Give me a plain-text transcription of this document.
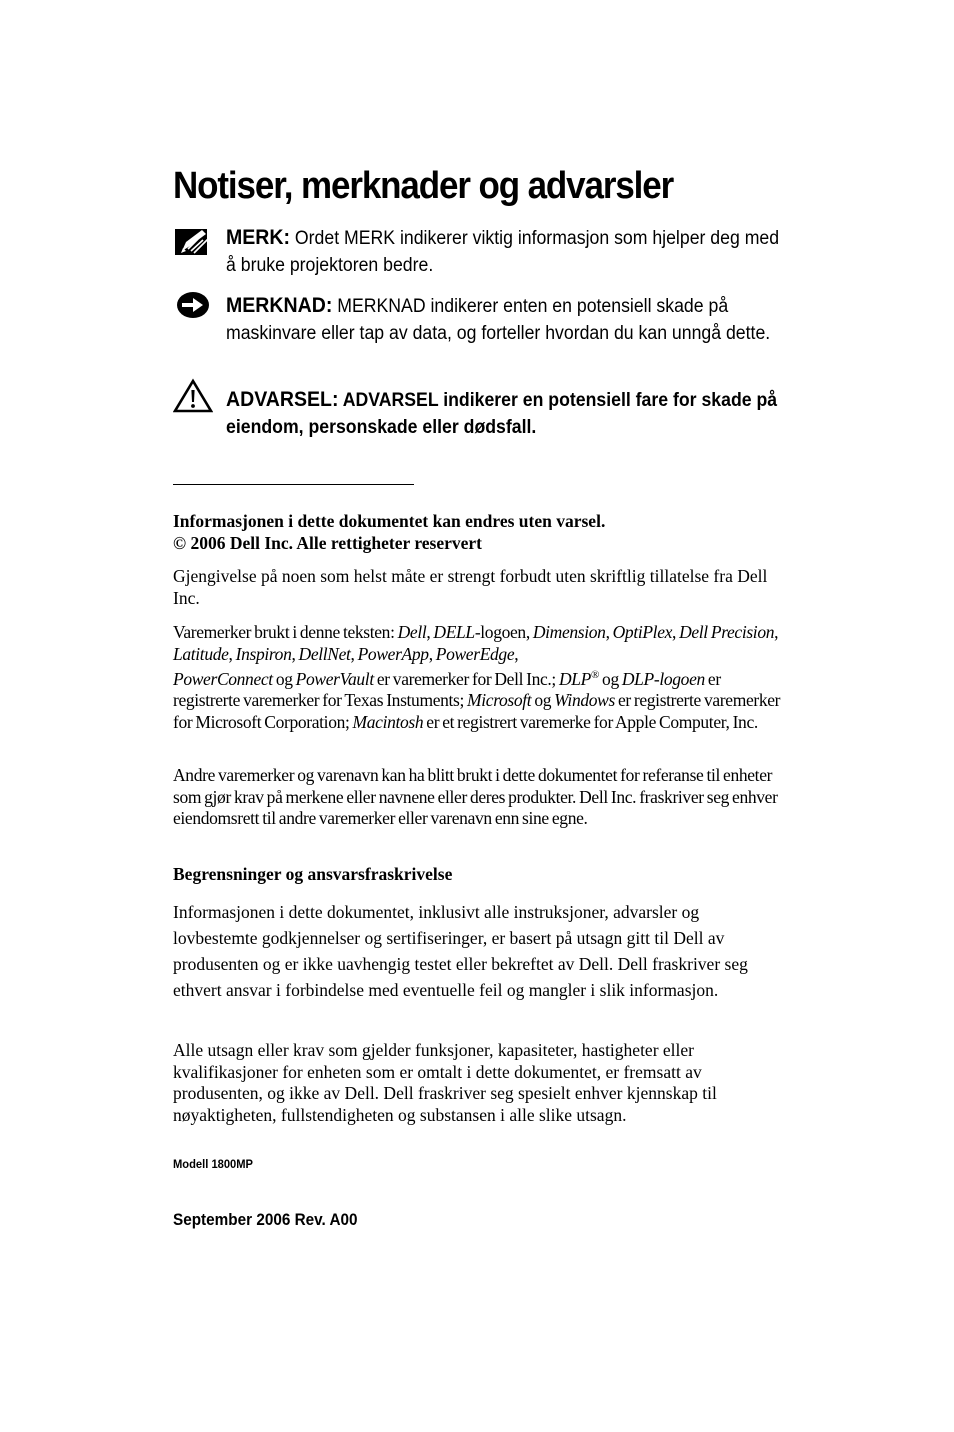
Notiser, merknader og advarsler
MERK: Ordet MERK indikerer viktig informasjon som hjelper deg med å bruke projektoren bedre.
MERKNAD: MERKNAD indikerer enten en potensiell skade på maskinvare eller tap av data, og forteller hvordan du kan unngå dette.
ADVARSEL: ADVARSEL indikerer en potensiell fare for skade på eiendom, personskade eller dødsfall.

Informasjonen i dette dokumentet kan endres uten varsel.

© 2006 Dell Inc. Alle rettigheter reservert

Gjengivelse på noen som helst måte er strengt forbudt uten skriftlig tillatelse fra Dell Inc.

Varemerker brukt i denne teksten: Dell, DELL-logoen, Dimension, OptiPlex, Dell Precision, Latitude, Inspiron, DellNet, PowerApp, PowerEdge,
PowerConnect og PowerVault er varemerker for Dell Inc.; DLP® og DLP-logoen er registrerte varemerker for Texas Instuments; Microsoft og Windows er registrerte varemerker for Microsoft Corporation; Macintosh er et registrert varemerke for Apple Computer, Inc.

Andre varemerker og varenavn kan ha blitt brukt i dette dokumentet for referanse til enheter som gjør krav på merkene eller navnene eller deres produkter. Dell Inc. fraskriver seg enhver eiendomsrett til andre varemerker eller varenavn enn sine egne.

Begrensninger og ansvarsfraskrivelse

Informasjonen i dette dokumentet, inklusivt alle instruksjoner, advarsler og lovbestemte godkjennelser og sertifiseringer, er basert på utsagn gitt til Dell av produsenten og er ikke uavhengig testet eller bekreftet av Dell. Dell fraskriver seg ethvert ansvar i forbindelse med eventuelle feil og mangler i slik informasjon.

Alle utsagn eller krav som gjelder funksjoner, kapasiteter, hastigheter eller kvalifikasjoner for enheten som er omtalt i dette dokumentet, er fremsatt av produsenten, og ikke av Dell. Dell fraskriver seg spesielt enhver kjennskap til nøyaktigheten, fullstendigheten og substansen i alle slike utsagn.

Modell 1800MP
September 2006 Rev. A00
